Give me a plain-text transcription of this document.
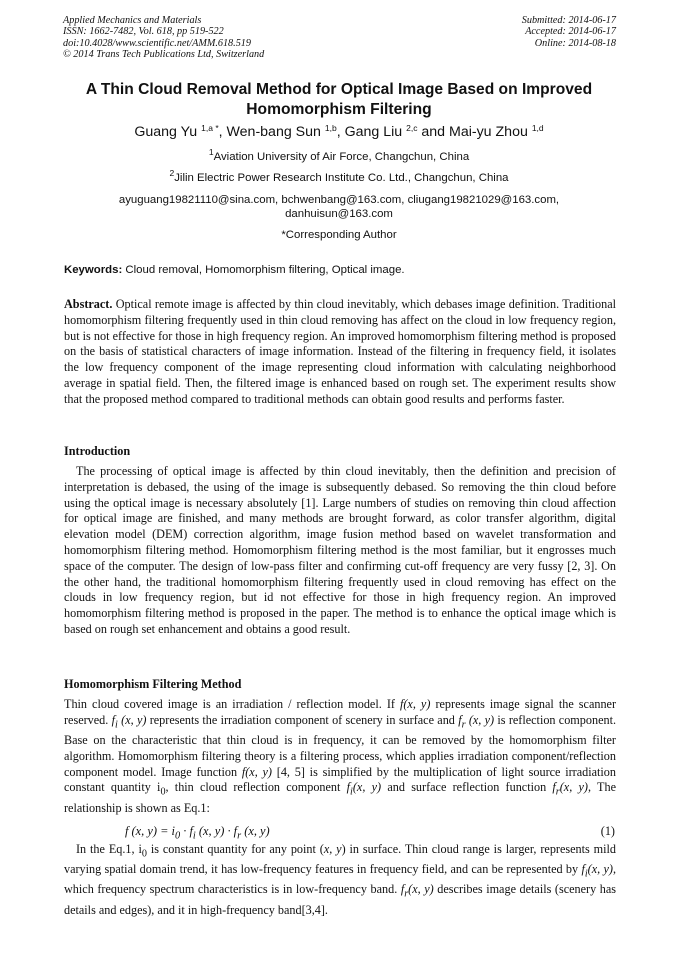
Applied Mechanics and Materials
ISSN: 1662-7482, Vol. 618, pp 519-522
doi:10.4028/www.scientific.net/AMM.618.519
© 2014 Trans Tech Publications Ltd, Switzerland
Submitted: 2014-06-17
Accepted: 2014-06-17
Online: 2014-08-18
A Thin Cloud Removal Method for Optical Image Based on Improved
Homomorphism Filtering
Guang Yu $^{1,a *}$, Wen-bang Sun $^{1,b}$, Gang Liu $^{2,c}$ and Mai-yu Zhou $^{1,d}$
$^1$Aviation University of Air Force, Changchun, China
$^2$Jilin Electric Power Research Institute Co. Ltd., Changchun, China
ayuguang19821110@sina.com, bchwenbang@163.com, cliugang19821029@163.com,
danhuisun@163.com
*Corresponding Author
Keywords: Cloud removal, Homomorphism filtering, Optical image.
Abstract. Optical remote image is affected by thin cloud inevitably, which debases image definition. Traditional homomorphism filtering frequently used in thin cloud removing has affect on the cloud in low frequency region, but is not effective for those in high frequency region. An improved homomorphism filtering method is proposed on the basis of statistical characters of image information. Instead of the filtering in frequency field, it isolates the low frequency component of the image representing cloud information with calculating neighborhood average in spatial field. Then, the filtered image is enhanced based on rough set. The experiment results show that the proposed method compared to traditional methods can obtain good results and performs faster.
Introduction
The processing of optical image is affected by thin cloud inevitably, then the definition and precision of interpretation is debased, the using of the image is subsequently debased. So removing the thin cloud before using the optical image is necessary absolutely [1]. Large numbers of studies on removing thin cloud affection for optical image are finished, and many methods are brought forward, as color transfer algorithm, digital elevation model (DEM) correction algorithm, image fusion method based on wavelet transformation and homomorphism filtering method. Homomorphism filtering method is the most familiar, but it engrosses much space of the computer. The design of low-pass filter and confirming cut-off frequency are very fussy [2, 3]. On the other hand, the traditional homomorphism filtering frequently used in cloud removing has effect on the clouds in low frequency region, but id not effective for those in high frequency region. An improved homomorphism filtering method is proposed in the paper. The method is to enhance the optical image which is based on rough set enhancement and obtains a good result.
Homomorphism Filtering Method
Thin cloud covered image is an irradiation / reflection model. If f(x, y) represents image signal the scanner reserved. $f_i$ (x, y) represents the irradiation component of scenery in surface and $f_r$ (x, y) is reflection component. Base on the characteristic that thin cloud is in frequency, it can be removed by the homomorphism filter algorithm. Homomorphism filtering theory is a filtering process, which applies irradiation component/reflection component model. Image function f(x, y) [4, 5] is simplified by the multiplication of light source irradiation constant quantity $i_0$, thin cloud reflection component $f_i(x$, y) and surface reflection function $f_r(x$, y), The relationship is shown as Eq.1:
f (x, $y) = i_0 \cdot f_i$ (x, $y) \cdot f_r$ (x, y)	(1)
In the Eq.1, $i_0$ is constant quantity for any point (x, y) in surface. Thin cloud range is larger, represents mild varying spatial domain trend, it has low-frequency features in frequency field, and can be represented by $f_i(x$, y), which frequency spectrum characteristics is in low-frequency band. $f_r(x$, y) describes image details (scenery has details and edges), and it in high-frequency band[3,4].
